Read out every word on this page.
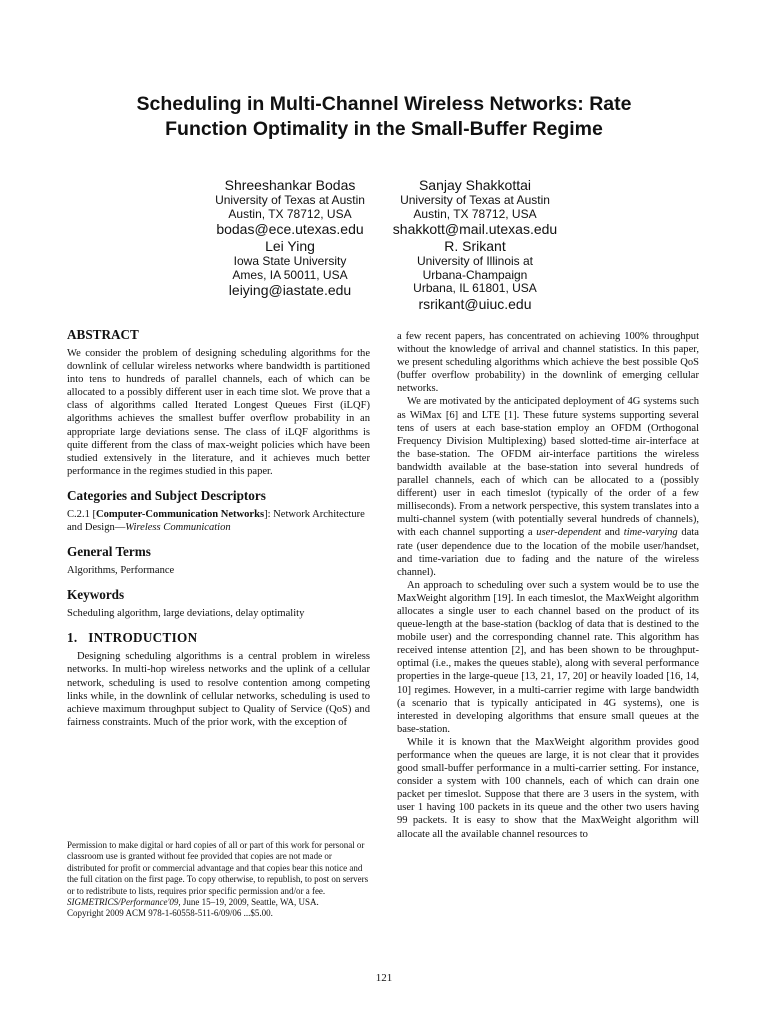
Scheduling in Multi-Channel Wireless Networks: Rate
Function Optimality in the Small-Buffer Regime
Shreeshankar Bodas
University of Texas at Austin
Austin, TX 78712, USA
bodas@ece.utexas.edu
Sanjay Shakkottai
University of Texas at Austin
Austin, TX 78712, USA
shakkott@mail.utexas.edu
Lei Ying
Iowa State University
Ames, IA 50011, USA
leiying@iastate.edu
R. Srikant
University of Illinois at
Urbana-Champaign
Urbana, IL 61801, USA
rsrikant@uiuc.edu
ABSTRACT

We consider the problem of designing scheduling algorithms for the downlink of cellular wireless networks where bandwidth is partitioned into tens to hundreds of parallel channels, each of which can be allocated to a possibly different user in each time slot. We prove that a class of algorithms called Iterated Longest Queues First (iLQF) algorithms achieves the smallest buffer overflow probability in an appropriate large deviations sense. The class of iLQF algorithms is quite different from the class of max-weight policies which have been studied extensively in the literature, and it achieves much better performance in the regimes studied in this paper.

Categories and Subject Descriptors

C.2.1 [Computer-Communication Networks]: Network Architecture and Design—Wireless Communication

General Terms

Algorithms, Performance

Keywords

Scheduling algorithm, large deviations, delay optimality

1.   INTRODUCTION

Designing scheduling algorithms is a central problem in wireless networks. In multi-hop wireless networks and the uplink of a cellular network, scheduling is used to resolve contention among competing links while, in the downlink of cellular networks, scheduling is used to achieve maximum throughput subject to Quality of Service (QoS) and fairness constraints. Much of the prior work, with the exception of

Permission to make digital or hard copies of all or part of this work for personal or classroom use is granted without fee provided that copies are not made or distributed for profit or commercial advantage and that copies bear this notice and the full citation on the first page. To copy otherwise, to republish, to post on servers or to redistribute to lists, requires prior specific permission and/or a fee.

SIGMETRICS/Performance'09, June 15–19, 2009, Seattle, WA, USA.

Copyright 2009 ACM 978-1-60558-511-6/09/06 ...$5.00.

a few recent papers, has concentrated on achieving 100% throughput without the knowledge of arrival and channel statistics. In this paper, we present scheduling algorithms which achieve the best possible QoS (buffer overflow probability) in the downlink of emerging cellular networks.

We are motivated by the anticipated deployment of 4G systems such as WiMax [6] and LTE [1]. These future systems supporting several tens of users at each base-station employ an OFDM (Orthogonal Frequency Division Multiplexing) based slotted-time air-interface at the base-station. The OFDM air-interface partitions the wireless bandwidth available at the base-station into several hundreds of parallel channels, each of which can be allocated to a (possibly different) user in each timeslot (typically of the order of a few milliseconds). From a network perspective, this system translates into a multi-channel system (with potentially several hundreds of channels), with each channel supporting a user-dependent and time-varying data rate (user dependence due to the location of the mobile user/handset, and time-variation due to fading and the nature of the wireless channel).

An approach to scheduling over such a system would be to use the MaxWeight algorithm [19]. In each timeslot, the MaxWeight algorithm allocates a single user to each channel based on the product of its queue-length at the base-station (backlog of data that is destined to the mobile user) and the corresponding channel rate. This algorithm has received intense attention [2], and has been shown to be throughput-optimal (i.e., makes the queues stable), along with several performance properties in the large-queue [13, 21, 17, 20] or heavily loaded [16, 14, 10] regimes. However, in a multi-carrier regime with large bandwidth (a scenario that is typically anticipated in 4G systems), one is interested in developing algorithms that ensure small queues at the base-station.

While it is known that the MaxWeight algorithm provides good performance when the queues are large, it is not clear that it provides good small-buffer performance in a multi-carrier setting. For instance, consider a system with 100 channels, each of which can drain one packet per timeslot. Suppose that there are 3 users in the system, with user 1 having 100 packets in its queue and the other two users having 99 packets. It is easy to show that the MaxWeight algorithm will allocate all the available channel resources to

121
